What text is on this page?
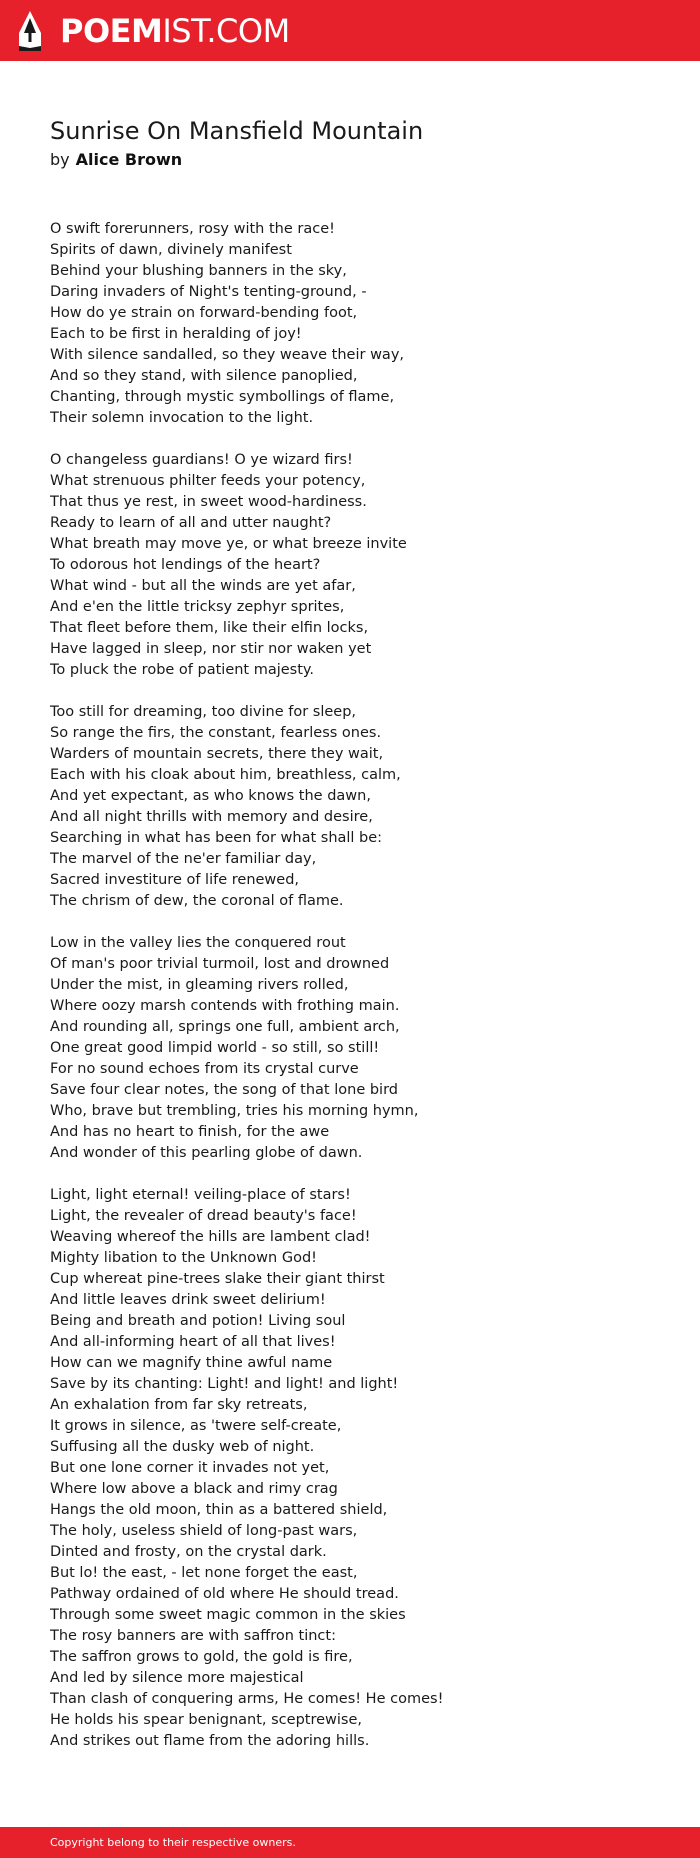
POEMIST.COM
Sunrise On Mansfield Mountain
by Alice Brown
O swift forerunners, rosy with the race!
Spirits of dawn, divinely manifest
Behind your blushing banners in the sky,
Daring invaders of Night's tenting-ground, -
How do ye strain on forward-bending foot,
Each to be first in heralding of joy!
With silence sandalled, so they weave their way,
And so they stand, with silence panoplied,
Chanting, through mystic symbollings of flame,
Their solemn invocation to the light.
O changeless guardians! O ye wizard firs!
What strenuous philter feeds your potency,
That thus ye rest, in sweet wood-hardiness.
Ready to learn of all and utter naught?
What breath may move ye, or what breeze invite
To odorous hot lendings of the heart?
What wind - but all the winds are yet afar,
And e'en the little tricksy zephyr sprites,
That fleet before them, like their elfin locks,
Have lagged in sleep, nor stir nor waken yet
To pluck the robe of patient majesty.
Too still for dreaming, too divine for sleep,
So range the firs, the constant, fearless ones.
Warders of mountain secrets, there they wait,
Each with his cloak about him, breathless, calm,
And yet expectant, as who knows the dawn,
And all night thrills with memory and desire,
Searching in what has been for what shall be:
The marvel of the ne'er familiar day,
Sacred investiture of life renewed,
The chrism of dew, the coronal of flame.
Low in the valley lies the conquered rout
Of man's poor trivial turmoil, lost and drowned
Under the mist, in gleaming rivers rolled,
Where oozy marsh contends with frothing main.
And rounding all, springs one full, ambient arch,
One great good limpid world - so still, so still!
For no sound echoes from its crystal curve
Save four clear notes, the song of that lone bird
Who, brave but trembling, tries his morning hymn,
And has no heart to finish, for the awe
And wonder of this pearling globe of dawn.
Light, light eternal! veiling-place of stars!
Light, the revealer of dread beauty's face!
Weaving whereof the hills are lambent clad!
Mighty libation to the Unknown God!
Cup whereat pine-trees slake their giant thirst
And little leaves drink sweet delirium!
Being and breath and potion! Living soul
And all-informing heart of all that lives!
How can we magnify thine awful name
Save by its chanting: Light! and light! and light!
An exhalation from far sky retreats,
It grows in silence, as 'twere self-create,
Suffusing all the dusky web of night.
But one lone corner it invades not yet,
Where low above a black and rimy crag
Hangs the old moon, thin as a battered shield,
The holy, useless shield of long-past wars,
Dinted and frosty, on the crystal dark.
But lo! the east, - let none forget the east,
Pathway ordained of old where He should tread.
Through some sweet magic common in the skies
The rosy banners are with saffron tinct:
The saffron grows to gold, the gold is fire,
And led by silence more majestical
Than clash of conquering arms, He comes! He comes!
He holds his spear benignant, sceptrewise,
And strikes out flame from the adoring hills.
Copyright belong to their respective owners.
